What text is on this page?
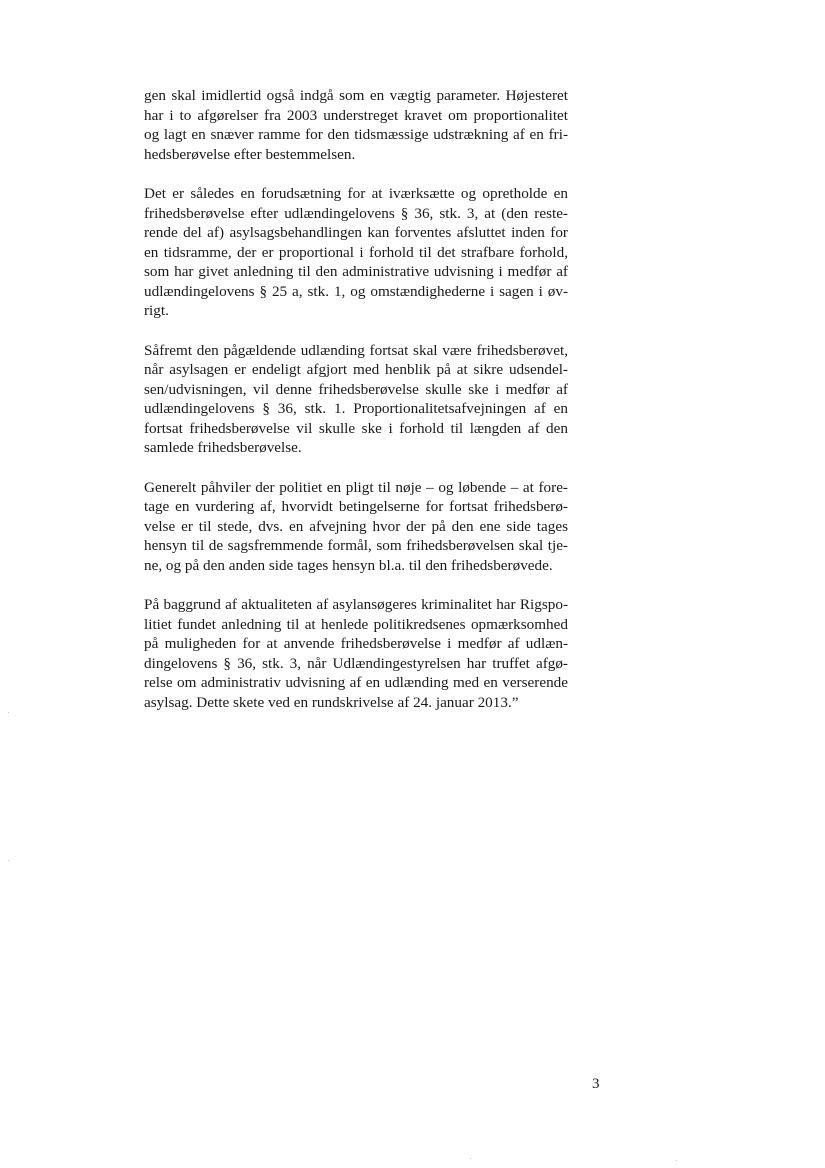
gen skal imidlertid også indgå som en vægtig parameter. Højesteret
har i to afgørelser fra 2003 understreget kravet om proportionalitet
og lagt en snæver ramme for den tidsmæssige udstrækning af en fri-
hedsberøvelse efter bestemmelsen.

Det er således en forudsætning for at iværksætte og opretholde en
frihedsberøvelse efter udlændingelovens § 36, stk. 3, at (den reste-
rende del af) asylsagsbehandlingen kan forventes afsluttet inden for
en tidsramme, der er proportional i forhold til det strafbare forhold,
som har givet anledning til den administrative udvisning i medfør af
udlændingelovens § 25 a, stk. 1, og omstændighederne i sagen i øv-
rigt.

Såfremt den pågældende udlænding fortsat skal være frihedsberøvet,
når asylsagen er endeligt afgjort med henblik på at sikre udsendel-
sen/udvisningen, vil denne frihedsberøvelse skulle ske i medfør af
udlændingelovens § 36, stk. 1. Proportionalitetsafvejningen af en
fortsat frihedsberøvelse vil skulle ske i forhold til længden af den
samlede frihedsberøvelse.

Generelt påhviler der politiet en pligt til nøje – og løbende – at fore-
tage en vurdering af, hvorvidt betingelserne for fortsat frihedsberø-
velse er til stede, dvs. en afvejning hvor der på den ene side tages
hensyn til de sagsfremmende formål, som frihedsberøvelsen skal tje-
ne, og på den anden side tages hensyn bl.a. til den frihedsberøvede.

På baggrund af aktualiteten af asylansøgeres kriminalitet har Rigspo-
litiet fundet anledning til at henlede politikredsenes opmærksomhed
på muligheden for at anvende frihedsberøvelse i medfør af udlæn-
dingelovens § 36, stk. 3, når Udlændingestyrelsen har truffet afgø-
relse om administrativ udvisning af en udlænding med en verserende
asylsag. Dette skete ved en rundskrivelse af 24. januar 2013.”

3
